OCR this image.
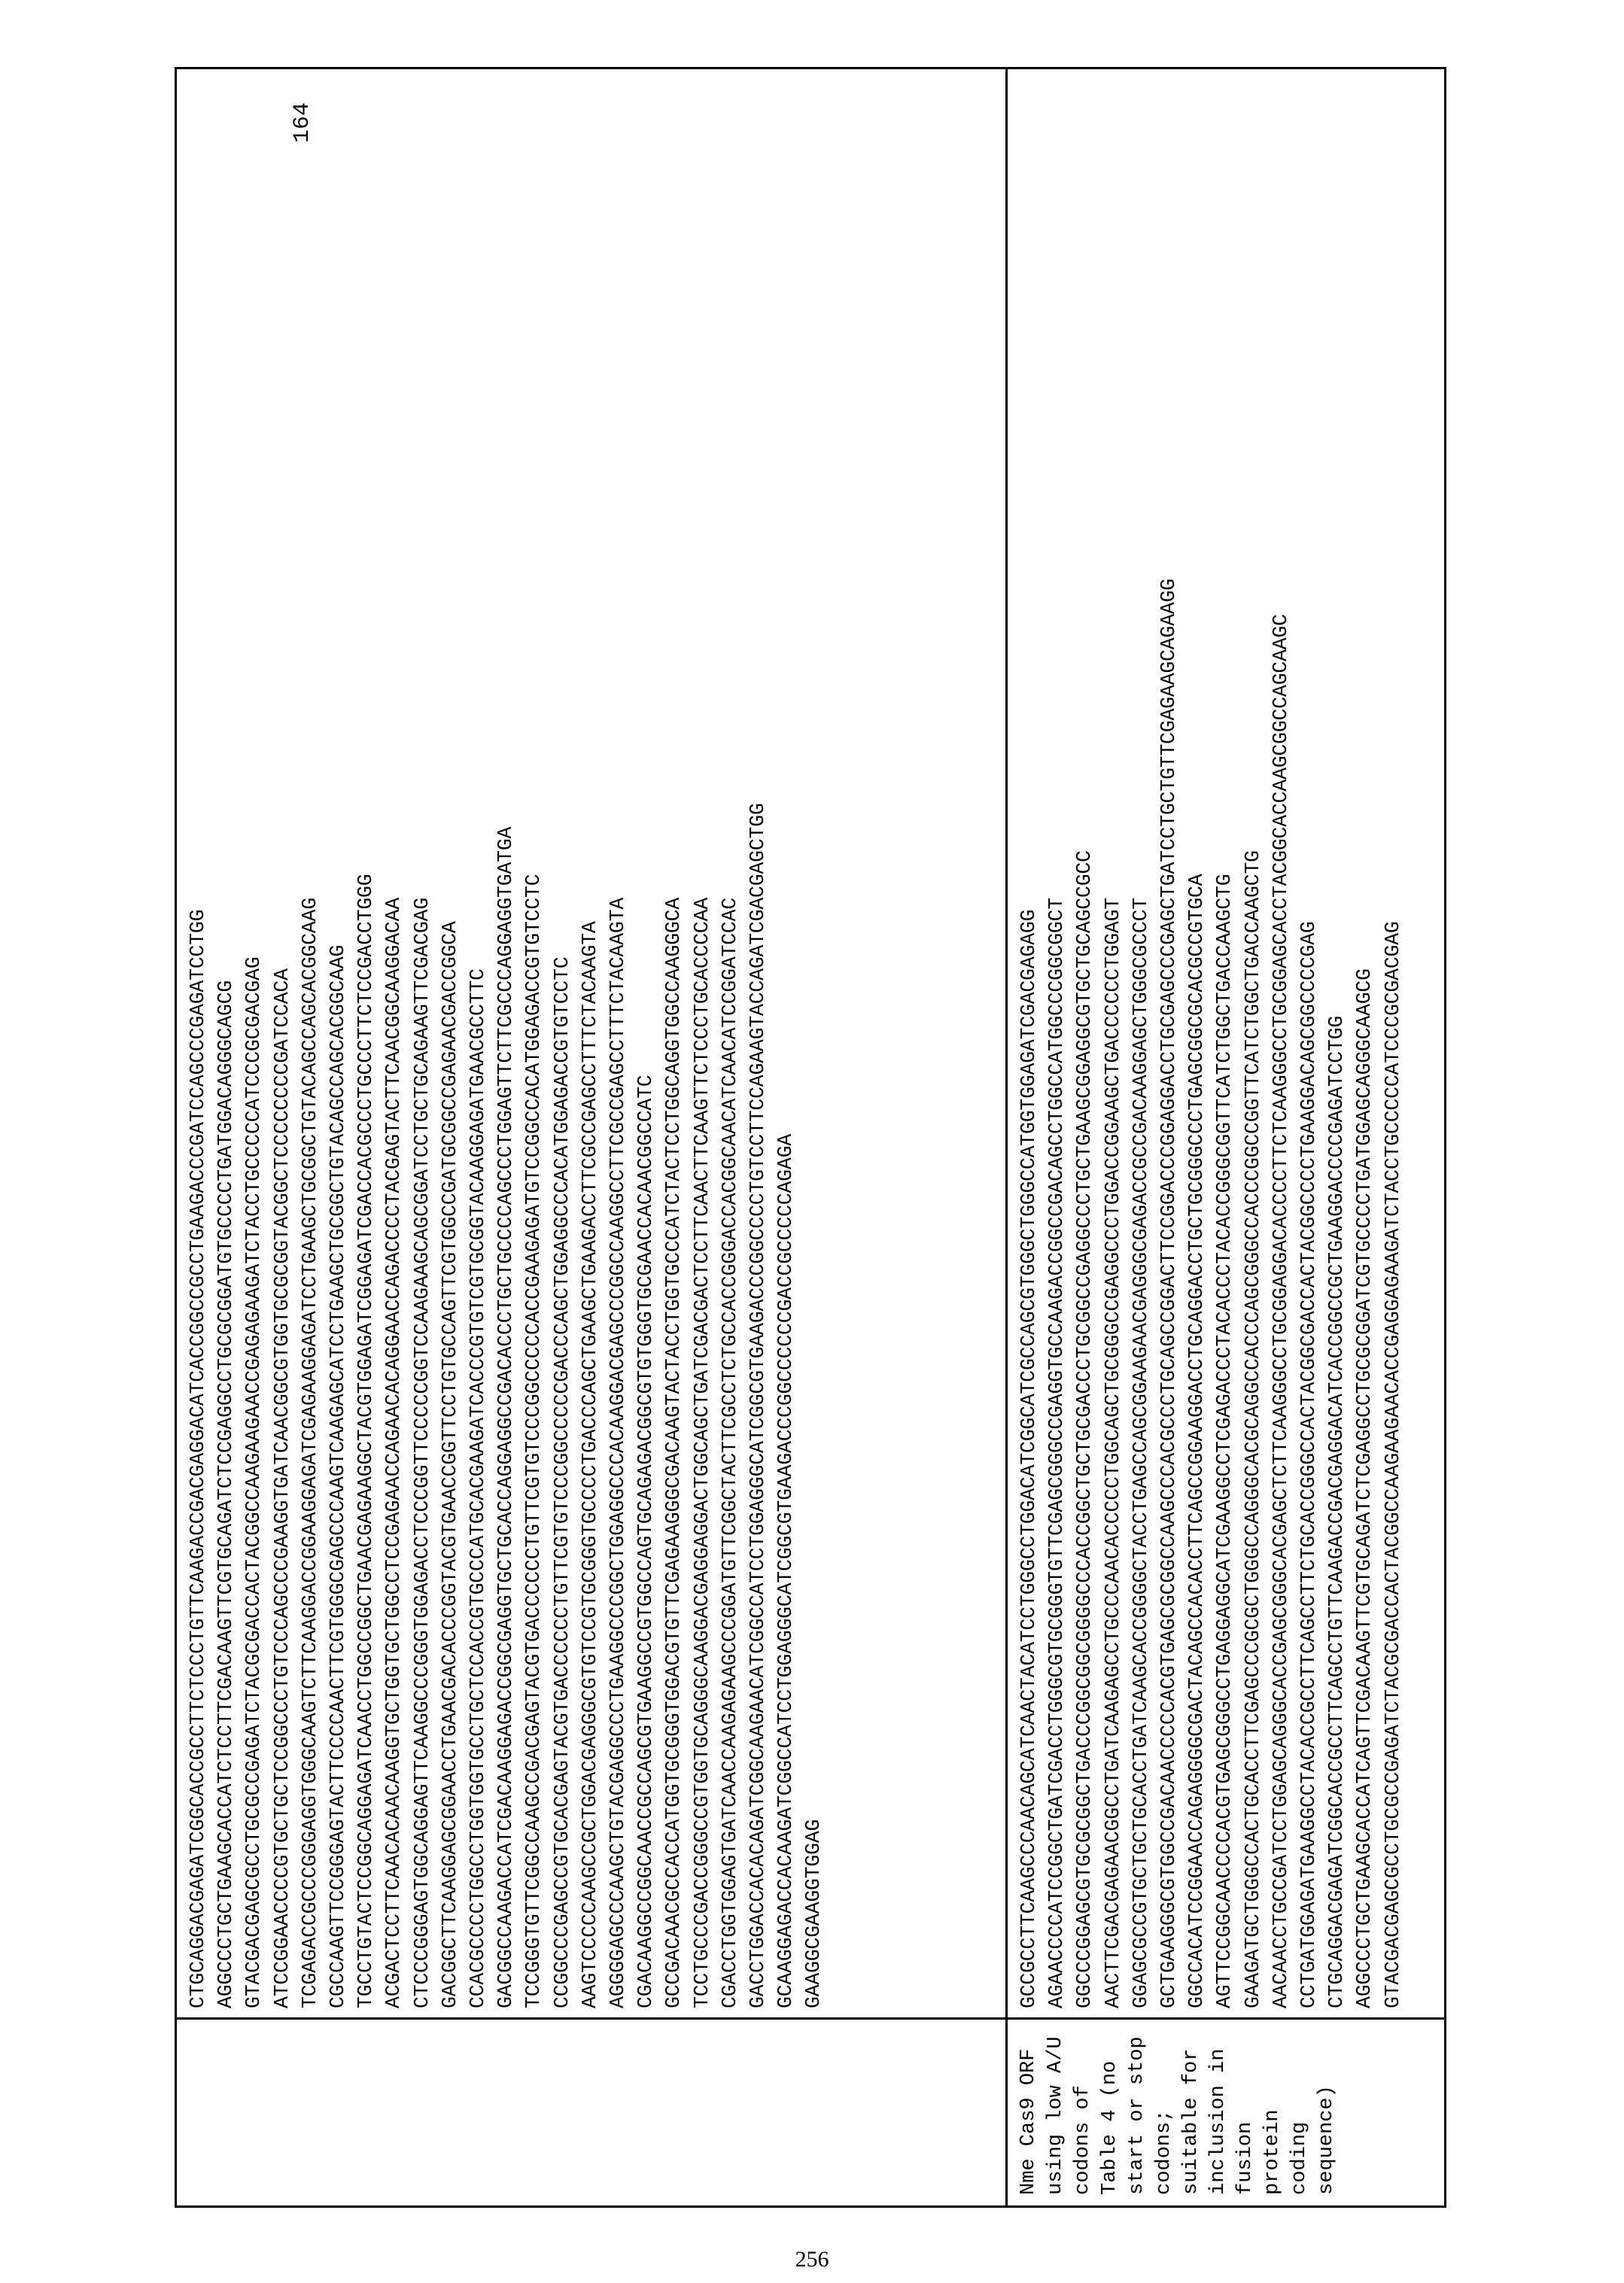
CTGCAGGACGAGATCGGCACCGCCTTCTCCCTGTTCAAGACCGACGAGGACATCACCGGCCGCCTGAAGACCCGATCCAGCCCGAGATCCTGG AGGCCCTGCTGAAGCACCATCTCCTTCGACAAGTTCGTGCAGATCTCCGAGGCCTGCGCGGATGTGCCCCTGATGGACAGGGCAGCG GTACGACGAGCGCCTGCGCCGAGATCTACGCGACCACTACGGCCAAGAAGAACCGAGAGAAGATCTACCTGCCCCCATCCCGCGACGAG ATCCGGAACCCCGTGCTGCTCCGGCCCTGTCCCAGCCCGAAGGTGATCAACGGCGTGGTGCGCGGTACGGCTCCCCCCCCGATCCACA TCGAGACCGCCCGGGAGGTGGGCAAGTCTTCAAGGACCGGAAGGAGATCGAGAAGGAGATCCTGAAGCTGCGGCTGTACAGCCAGCACGGCAAG CGCCAAGTTCCGGGAGTACTTCCCCAACTTCGTGGGCGAGCCCAAGTCAAGAGCATCCTGAAGCTGCGGCTGTACAGCCAGCACGGCAAG TGCCTGTACTCCGGCAGGAGATCAACCTGGCCGGCTGAACGAGAAGGCTACGTGGAGATCGGAGATCGACCACGCCCTGCCCTTCTCCGACCTGGG ACGACTCCTTCAACACAACAAGGTGCTGGTGCTGGCCTCCGAGAACCAGAACACAGGAACCAGACCCCTACGAGTACTTCAACGGCAAGGACAA CTCCCGGGAGTGGCAGGAGTTCAAGGCCCGGGTGGAGACCTCCCGGTTCCCCCGGTCCAAGAAGCAGCGGATCCTGCTGCAGAAGTTCGACGAG GACGGCTTCAAGGAGCGGAACCTGAACGACACCCGGTACGTGAACCGGTTCCTGTGCCAGTTCGTGGCCGATGCGGCCGAGAACGACCGGCA CCACGCCCCTGGCCTGGTGGTGCCTGCTCCACCGTGCCCATGCACGAAGATCACCCGTGTCGTGCGGTACAAGGAGATGAACGCCTTC GACGGCCAAGACCATCGACAAGGAGACCGGCGAGGTGCTGCACCAGGAGGCCGACACCCTGCTGCCCCAGCCCTGGAGTTCTTCGCCCAGGAGGTGATGA TCCGGGTGTTCGGCCAAGCCGACGAGTACGTGACCCCCCTGTTCGTGTCCCGGCCCCCACCGAAGAGATGTCCGGCCACATGGAGACCGTGTCCTC CCGGCCCGAGCCGTGCACGAGTACGTGACCCCCCTGTTCGTGTCCCGGCCCCCGACCCAGCTGGAGGCCCACATGGAGACCGTGTCCTC AAGTCCCCCAAGCCGCTGGACGAGGGCGTGTCCGTGCGGGTGCCCCTGACCCAGCTGAAGCTGAAGACCTTCGCCGAGCCTTTCTACAAGTA AGGGGAGCCCAAGCTGTACGAGGCCCTGAAGGCCCGGCTGGAGGCCCACAAGGACGAGCCCGGCCAAGGCCTTCGCCGAGCCTTTCTACAAGTA CGACAAGGCCGGCAACCGCCAGCGTGAAGGCCGTGGCCAGTGCAGAGACGGCGTGTGGGTGCGAACCACAACGGCCATC GCCGACAACGCCACCATGGTGCGGGTGGACGTGTTCGAGAAGGGCGACAAGTACTACCTGGTGCCCATCTACTCCTGGCAGGTGGCCAAGGGCA TCCTGCCCGACCGGGCCGTGGTGCAGGGCAAGGACGAGGAGGACTGGCAGCTGATCGACGACTCCTTCAACTTCAAGTTCTCCCTGCACCCCAA CGACCTGGTGGAGTGATCAACCAAGAGAAGCCCGGATGTTCGGCTACTTCGCCTCTGCCACCGGGACCACGGCAACATCAACATCCGGATCCAC GACCTGGACCACACAGATCGGCAAGAACATCGGCCATCCTGGAGGGCATCGGCGTGAAGACCCGGCCCCTGTCCTTCCAGAAGTACCAGATCGACGAGCTGG GCAAGGAGACCACAAGATCGGCCATCCTGGAGGGCATCGGCGTGAAGACCCGGCCCCCCGACCGCCCCCAGAGA GAAGGCGAAGGTGGAG
Nme Cas9 ORF using low A/U codons of Table 4 (no start or stop codons; suitable for inclusion in fusion protein coding sequence)
GCCGCCTTCAAGCCCAACAGCATCAACTACATCCTGGGCCTGGACATCGGCATCGCCAGCGTGGGCTGGGCCATGGTGGAGATCGACGAGAGG AGAACCCCATCCGGCTGATCGACCTGGGCGTGCGGGTGTTCGAGCGGGCCGAGGTGCCAAGACCGGCCGACAGCCTGGCCATGGCCCGGCGGCT GGCCCGGAGCGTGCGCGGCTGACCCGGCGGCGGGGCCCACCGGCTGCTGCGACCCTGCGGCCGAGGCCCTGCTGAAGCGGAGGCGTGCTGCAGCCGCC AACTTCGACGAGAACGGCCTGATCAAGAGCCTGCCCAACACCCCCTGGCAGCTGCGGGCCGAGGCCCTGGACCGGAAGCTGACCCCCCTGGAGT GGAGCGCCGTGCTGCTGCACCTGATCAAGCACCGGGGCTACCTGAGCCAGCGGAAGAACGAGGGCGAGACCGCCGACAAGGAGCTGGGCGCCCT GCTGAAGGGCGTGGCCGACAACCCCCACGTGAGCGCGGCCAAGCCCACGCCCTGCAGCCGGACTTCCGGACCCGGAGGACCTGCGAGCCCGAGCTGATCCTGCTGTTCGAGAAGCAGAAGG GGCCACATCCGGAACCAGAGGGGCGACTACAGCCACACCTTCAGCCGGAAGGACCTGCAGGACCTGCTGCGGGCCCTGAGCGGCGCACGCCGTGCA AGTTCCGGCAACCCCACGTGAGCGGGCCTGAGGAGGCATCGAAGGCCTCGAGACCCTACACCCTACACCGGGCGGTTCATCTGGCTGACCAAGCTG GAAGATGCTGGGCCACTGCACCTTCGAGCCCGCGCTGGGCCAGGGCACGCAGGCCACCCAGCGGGCCACCCGGCCGGTTCATCTGGCTGACCAAGCTG AACAACCTGCCGATCCTGGAGCAGGGCACCGAGCGGGCACGAGCTCTTCAAGGGCCTGCGGAGGACACCCCTTCTCAAGGGCCTGCGGAGCACCTACGGCACCAAGCGGCCAGCAAGC CCTGATGGAGATGAAGGCCTACACCGCCTTCAGCCTTCTGCACCGGGCCACTACGGCGACCACTACGGCCCCTGAAGGACAGCGGCCCCGAG CTGCAGGACGAGATCGGCACCGCCTTCAGCCTGTTCAAGACCGACGAGGACATCACCGGCCGCTGAAGGACCCCGAGATCCTGG AGGCCCTGCTGAAGCACCATCAGTTCGACAAGTTCGTGCAGATCTCGAGGCCTGCGCGGATCGTGCCCCTGATGGAGCAGGGCAAGCG GTACGACGAGCGCCTGCGCCGAGATCTACGCGACCACTACGGCCAAGAAGAACACCGAGGAGAAGATCTACCTGCCCCCATCCCGCGACGAG
164
256
